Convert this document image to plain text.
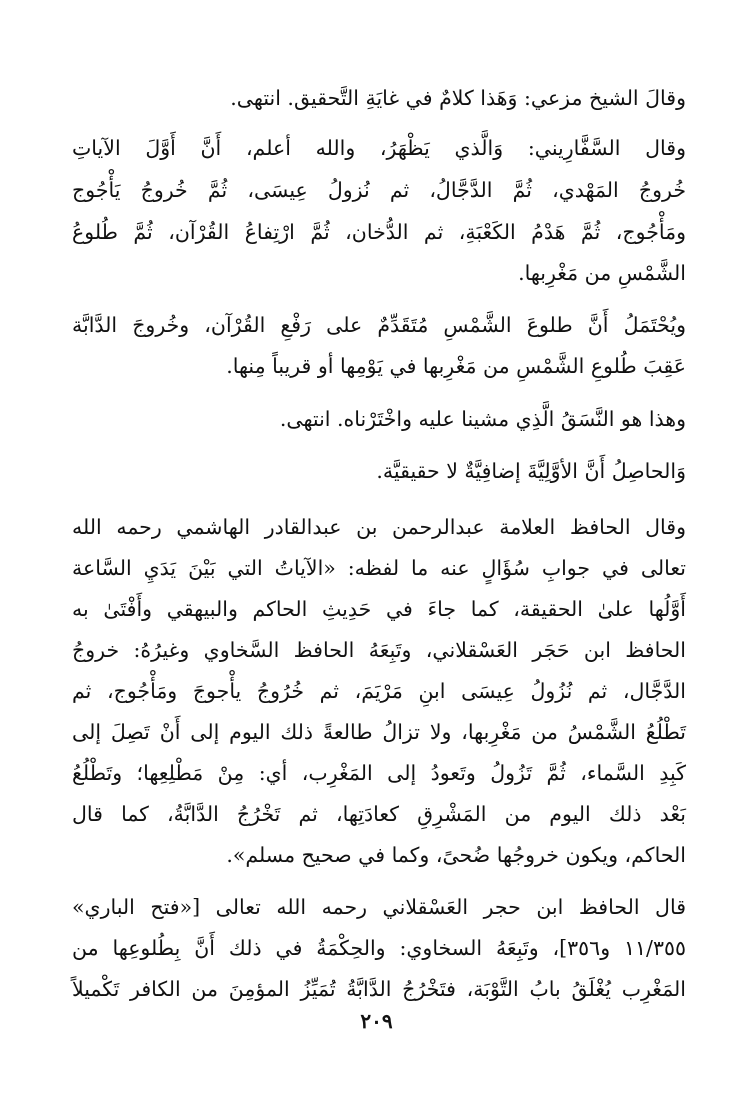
وقالَ الشيخ مزعي: وَهَذا كلامٌ في غايَةِ التَّحقيق. انتهى.
وقال السَّفَّارِيني: وَالَّذي يَظْهَرُ، والله أعلم، أَنَّ أَوَّلَ الآياتِ
خُروجُ المَهْدي، ثُمَّ الدَّجَّالُ، ثم نُزولُ عِيسَى، ثُمَّ خُروجُ يَأْجُوج
ومَأْجُوج، ثُمَّ هَدْمُ الكَعْبَةِ، ثم الدُّخان، ثُمَّ ارْتِفاعُ القُرْآن، ثُمَّ طُلوعُ
الشَّمْسِ من مَغْرِبها.
ويُحْتَمَلُ أَنَّ طلوعَ الشَّمْسِ مُتَقَدِّمٌ على رَفْعِ القُرْآن، وخُروجَ الدَّابَّة
عَقِبَ طُلوعِ الشَّمْسِ من مَغْرِبها في يَوْمِها أو قريباً مِنها.
وهذا هو النَّسَقُ الَّذِي مشينا عليه واخْتَرْناه. انتهى.
وَالحاصِلُ أَنَّ الأوَّلِيَّةَ إضافِيَّةٌ لا حقيقيَّة.
وقال الحافظ العلامة عبدالرحمن بن عبدالقادر الهاشمي رحمه الله
تعالى في جوابِ سُؤَالٍ عنه ما لفظه: «الآياتُ التي بَيْنَ يَدَيِ السَّاعة
أَوَّلُها علىٰ الحقيقة، كما جاءَ في حَدِيثِ الحاكم والبيهقي وأَفْتَىٰ به
الحافظ ابن حَجَر العَسْقلاني، وتَبِعَهُ الحافظ السَّخاوي وغيرُهُ: خروجُ
الدَّجَّال، ثم نُزُولُ عِيسَى ابنِ مَرْيَمَ، ثم خُرُوجُ يأْجوجَ ومَأْجُوج، ثم
تَطْلُعُ الشَّمْسُ من مَغْرِبها، ولا تزالُ طالعةً ذلك اليوم إلى أَنْ تَصِلَ إلى
كَبِدِ السَّماء، ثُمَّ تَزُولُ وتَعودُ إلى المَغْرِب، أي: مِنْ مَطْلِعِها؛ وتَطْلُعُ
بَعْد ذلك اليوم من المَشْرِقِ كعادَتِها، ثم تَخْرُجُ الدَّابَّةُ، كما قال
الحاكم، ويكون خروجُها ضُحىً، وكما في صحيح مسلم».
قال الحافظ ابن حجر العَسْقلاني رحمه الله تعالى [«فتح الباري»
١١/٣٥٥ و٣٥٦]، وتَبِعَهُ السخاوي: والحِكْمَةُ في ذلك أَنَّ بِطُلوعِها من
المَغْرِب يُغْلَقُ بابُ التَّوْبَة، فتَخْرُجُ الدَّابَّةُ تُمَيِّزُ المؤمِنَ من الكافر تَكْميلاً
٢٠٩
